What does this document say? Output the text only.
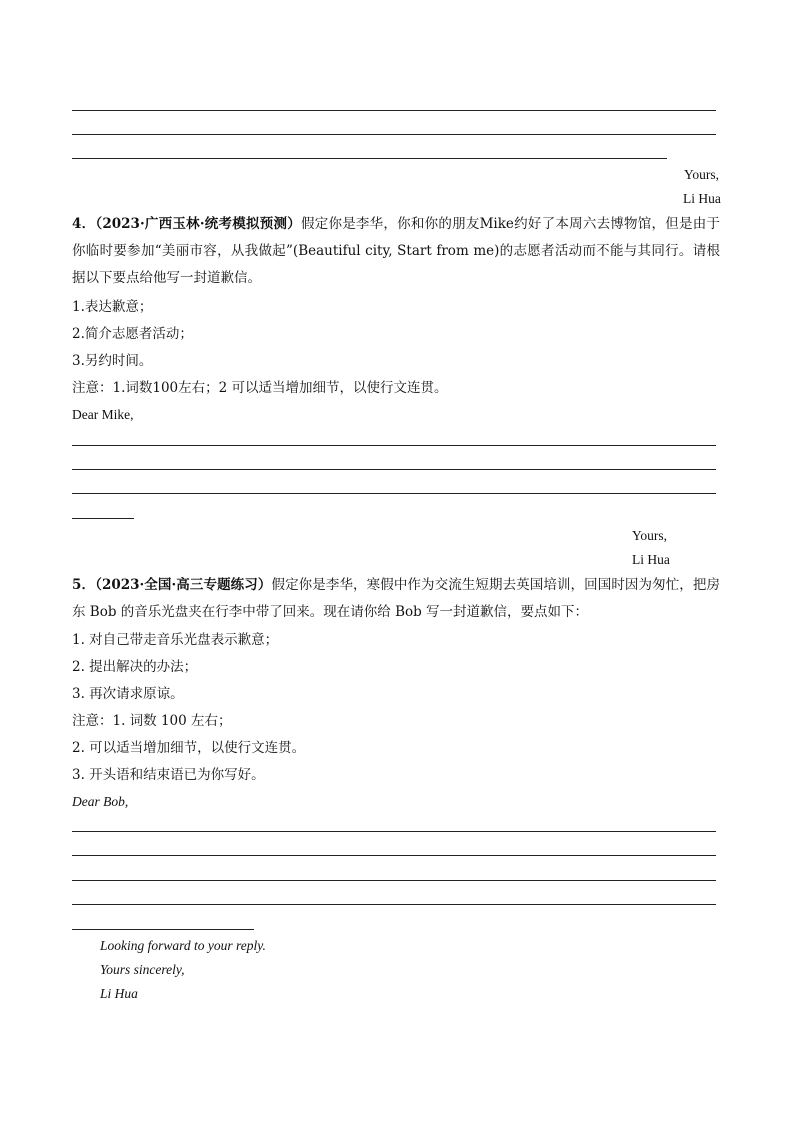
Yours,
Li Hua
4．（2023·广西玉林·统考模拟预测）假定你是李华，你和你的朋友Mike约好了本周六去博物馆，但是由于你临时要参加“美丽市容，从我做起”(Beautiful city, Start from me)的志愿者活动而不能与其同行。请根据以下要点给他写一封道歉信。
1.表达歉意；
2.简介志愿者活动；
3.另约时间。
注意：1.词数100左右；2 可以适当增加细节，以使行文连贯。
Dear Mike,
Yours,
Li Hua
5．（2023·全国·高三专题练习）假定你是李华，寒假中作为交流生短期去英国培训，回国时因为匆忙，把房东 Bob 的音乐光盘夹在行李中带了回来。现在请你给 Bob 写一封道歉信，要点如下：
1. 对自己带走音乐光盘表示歉意；
2. 提出解决的办法；
3. 再次请求原谅。
注意：1. 词数 100 左右；
2. 可以适当增加细节，以使行文连贯。
3. 开头语和结束语已为你写好。
Dear Bob,
Looking forward to your reply.
Yours sincerely,
Li Hua
